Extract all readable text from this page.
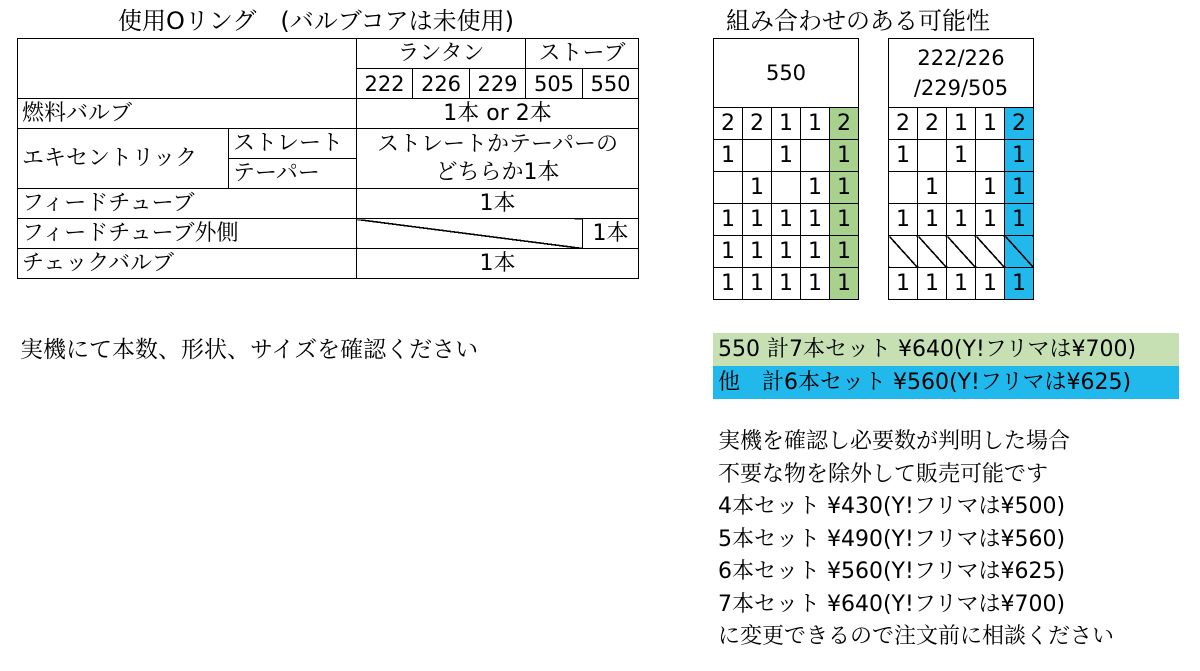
使用Oリング　(バルブコアは未使用)	組み合わせのある可能性
		ランタン			ストーブ	
		222	226	229	505	550
燃料バルブ		1本 or 2本				
エキセントリック	ストレート	ストレートかテーパーの
どちらか1本				

	テーパー					
フィードチューブ		1本				
フィードチューブ外側						1本
チェックバルブ		1本				
550				
2	2	1	1	2
1		1		1
	1		1	1
1	1	1	1	1
1	1	1	1	1
1	1	1	1	1
222/226
/229/505				

2	2	1	1	2
1		1		1
	1		1	1
1	1	1	1	1

1	1	1	1	1
実機にて本数、形状、サイズを確認ください	550 計7本セット ¥640(Y!フリマは¥700)
他　計6本セット ¥560(Y!フリマは¥625)
実機を確認し必要数が判明した場合
不要な物を除外して販売可能です
4本セット ¥430(Y!フリマは¥500)
5本セット ¥490(Y!フリマは¥560)
6本セット ¥560(Y!フリマは¥625)
7本セット ¥640(Y!フリマは¥700)
に変更できるので注文前に相談ください
